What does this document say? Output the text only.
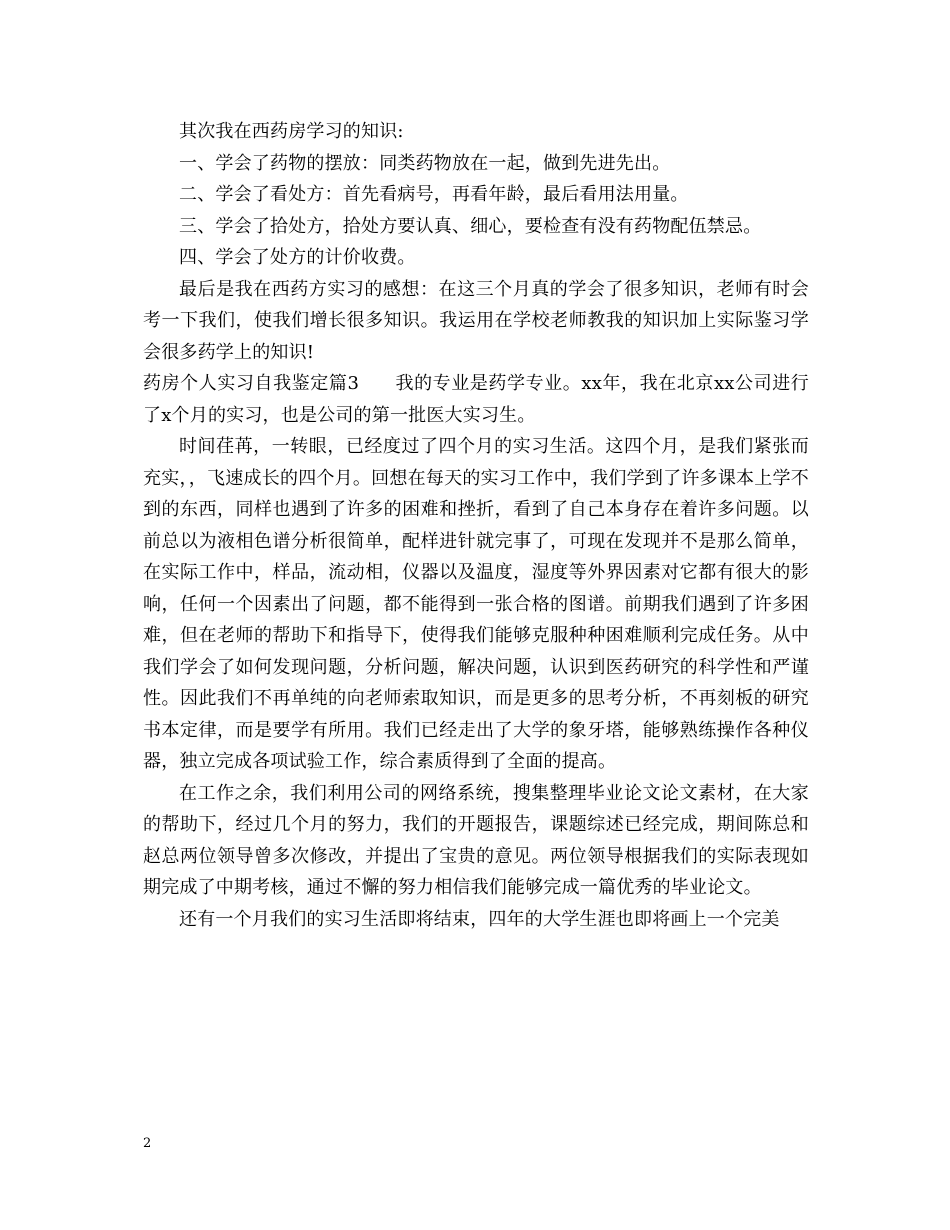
其次我在西药房学习的知识:

一、学会了药物的摆放：同类药物放在一起，做到先进先出。

二、学会了看处方：首先看病号，再看年龄，最后看用法用量。

三、学会了拾处方，拾处方要认真、细心，要检查有没有药物配伍禁忌。

四、学会了处方的计价收费。

最后是我在西药方实习的感想：在这三个月真的学会了很多知识，老师有时会考一下我们，使我们增长很多知识。我运用在学校老师教我的知识加上实际鉴习学会很多药学上的知识!

药房个人实习自我鉴定篇3 我的专业是药学专业。xx年，我在北京xx公司进行了x个月的实习，也是公司的第一批医大实习生。

时间荏苒，一转眼，已经度过了四个月的实习生活。这四个月，是我们紧张而充实，，飞速成长的四个月。回想在每天的实习工作中，我们学到了许多课本上学不到的东西，同样也遇到了许多的困难和挫折，看到了自己本身存在着许多问题。以前总以为液相色谱分析很简单，配样进针就完事了，可现在发现并不是那么简单，在实际工作中，样品，流动相，仪器以及温度，湿度等外界因素对它都有很大的影响，任何一个因素出了问题，都不能得到一张合格的图谱。前期我们遇到了许多困难，但在老师的帮助下和指导下，使得我们能够克服种种困难顺利完成任务。从中我们学会了如何发现问题，分析问题，解决问题，认识到医药研究的科学性和严谨性。因此我们不再单纯的向老师索取知识，而是更多的思考分析，不再刻板的研究书本定律，而是要学有所用。我们已经走出了大学的象牙塔，能够熟练操作各种仪器，独立完成各项试验工作，综合素质得到了全面的提高。

在工作之余，我们利用公司的网络系统，搜集整理毕业论文论文素材，在大家的帮助下，经过几个月的努力，我们的开题报告，课题综述已经完成，期间陈总和赵总两位领导曾多次修改，并提出了宝贵的意见。两位领导根据我们的实际表现如期完成了中期考核，通过不懈的努力相信我们能够完成一篇优秀的毕业论文。

还有一个月我们的实习生活即将结束，四年的大学生涯也即将画上一个完美

2
